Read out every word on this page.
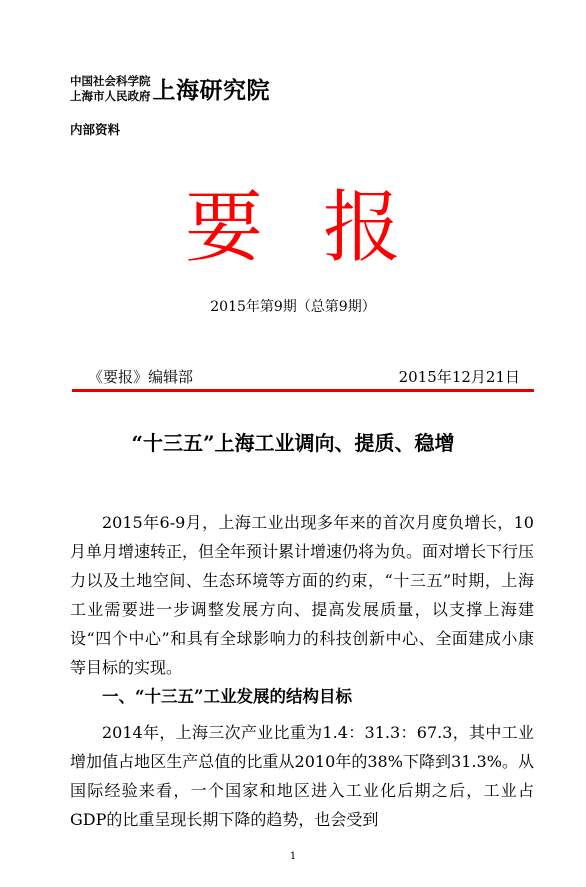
中国社会科学院
上海市人民政府 上海研究院
内部资料
要报
2015年第9期（总第9期）
《要报》编辑部	2015年12月21日
“十三五”上海工业调向、提质、稳增

2015年6-9月，上海工业出现多年来的首次月度负增长，10月单月增速转正，但全年预计累计增速仍将为负。面对增长下行压力以及土地空间、生态环境等方面的约束，“十三五”时期，上海工业需要进一步调整发展方向、提高发展质量，以支撑上海建设“四个中心”和具有全球影响力的科技创新中心、全面建成小康等目标的实现。

一、“十三五”工业发展的结构目标

2014年，上海三次产业比重为1.4：31.3：67.3，其中工业增加值占地区生产总值的比重从2010年的38%下降到31.3%。从国际经验来看，一个国家和地区进入工业化后期之后，工业占GDP的比重呈现长期下降的趋势，也会受到

1
